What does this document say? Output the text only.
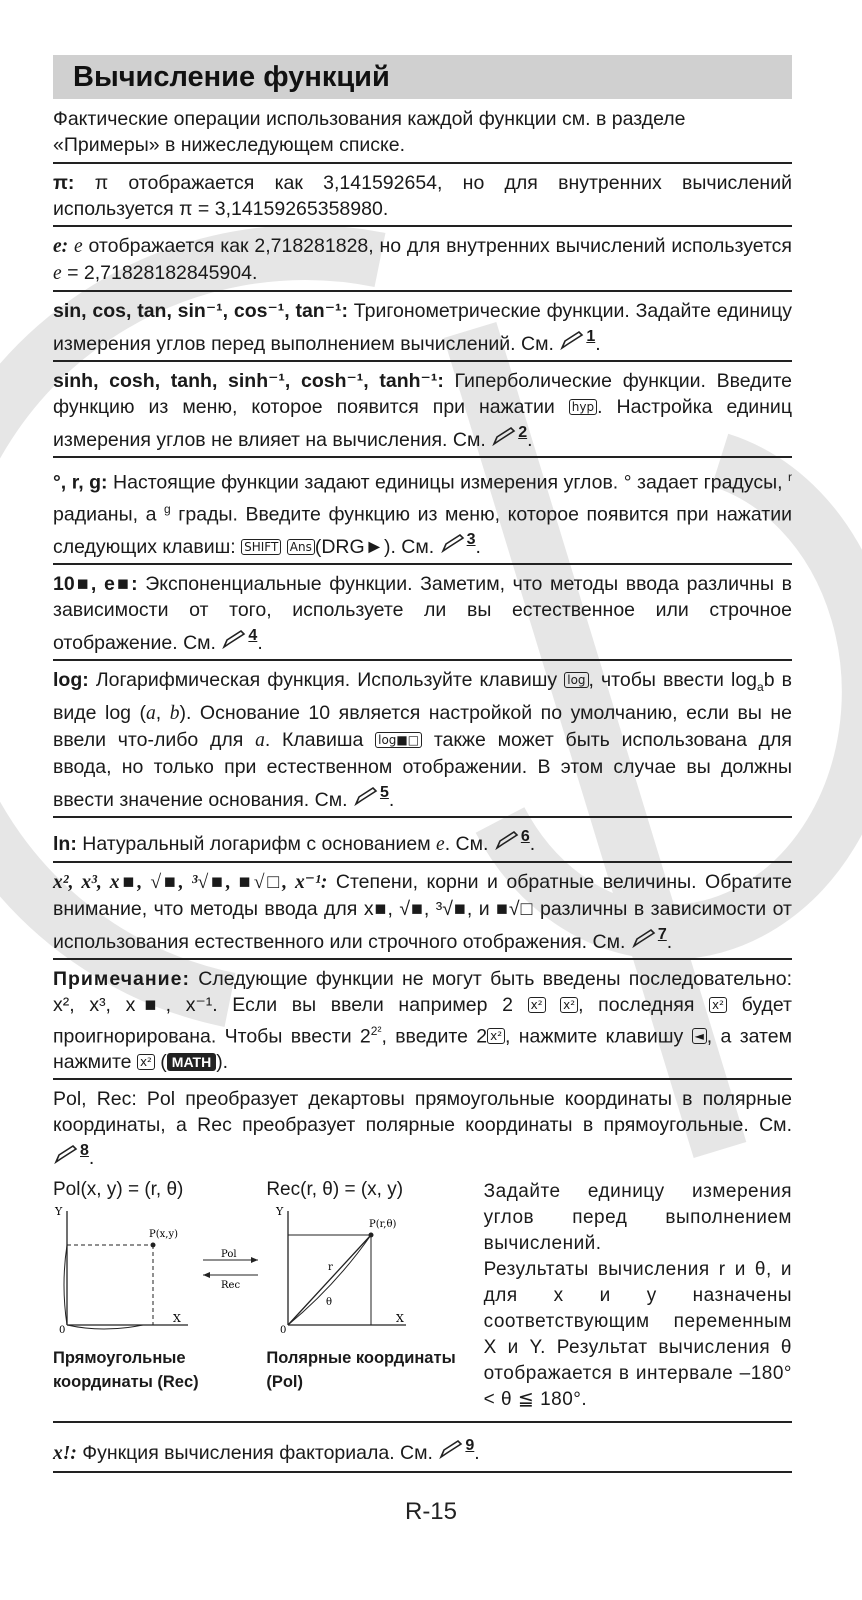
Вычисление функций
Фактические операции использования каждой функции см. в разделе «Примеры» в нижеследующем списке.
π: π отображается как 3,141592654, но для внутренних вычислений используется π = 3,14159265358980.
e: e отображается как 2,718281828, но для внутренних вычислений используется e = 2,71828182845904.
sin, cos, tan, sin⁻¹, cos⁻¹, tan⁻¹: Тригонометрические функции. Задайте единицу измерения углов перед выполнением вычислений. См. 1 .
sinh, cosh, tanh, sinh⁻¹, cosh⁻¹, tanh⁻¹: Гиперболические функции. Введите функцию из меню, которое появится при нажатии hyp . Настройка единиц измерения углов не влияет на вычисления. См. 2 .
°, r, g: Настоящие функции задают единицы измерения углов. ° задает градусы, $^r$ радианы, а $^g$ грады. Введите функцию из меню, которое появится при нажатии следующих клавиш: SHIFT Ans (DRG►). См. 3 .
10■, e■: Экспоненциальные функции. Заметим, что методы ввода различны в зависимости от того, используете ли вы естественное или строчное отображение. См. 4 .
log: Логарифмическая функция. Используйте клавишу log , чтобы ввести $\log_ab$ в виде log (a, b). Основание 10 является настройкой по умолчанию, если вы не ввели что-либо для a. Клавиша log■□ также может быть использована для ввода, но только при естественном отображении. В этом случае вы должны ввести значение основания. См. 5 .
ln: Натуральный логарифм с основанием e. См. 6 .
x², x³, x■, √■, ³√■, ■√□, x⁻¹: Степени, корни и обратные величины. Обратите внимание, что методы ввода для x■, √■, ³√■, и ■√□ различны в зависимости от использования естественного или строчного отображения. См. 7 .
Примечание: Следующие функции не могут быть введены последовательно: x², x³, x■, x⁻¹. Если вы ввели например 2 x² x² , последняя x² будет проигнорирована. Чтобы ввести $2^{2^2}$, введите 2 x² , нажмите клавишу ◄ , а затем нажмите x² ( MATH ).
Pol, Rec: Pol преобразует декартовы прямоугольные координаты в полярные координаты, а Rec преобразует полярные координаты в прямоугольные. См.
8 .
Pol(x, y) = (r, θ)
Y
X
0
P(x,y)
Pol
Rec
Прямоугольные координаты (Rec)
Rec(r, θ) = (x, y)
Y
X
0
P(r,θ)
θ
r
Полярные координаты (Pol)
Задайте единицу измерения углов перед выполнением вычислений.
Результаты вычисления r и θ, и для x и y назначены соответствующим переменным X и Y. Результат вычисления θ отображается в интервале –180° < θ ≦ 180°.
x!: Функция вычисления факториала. См. 9 .
R-15
